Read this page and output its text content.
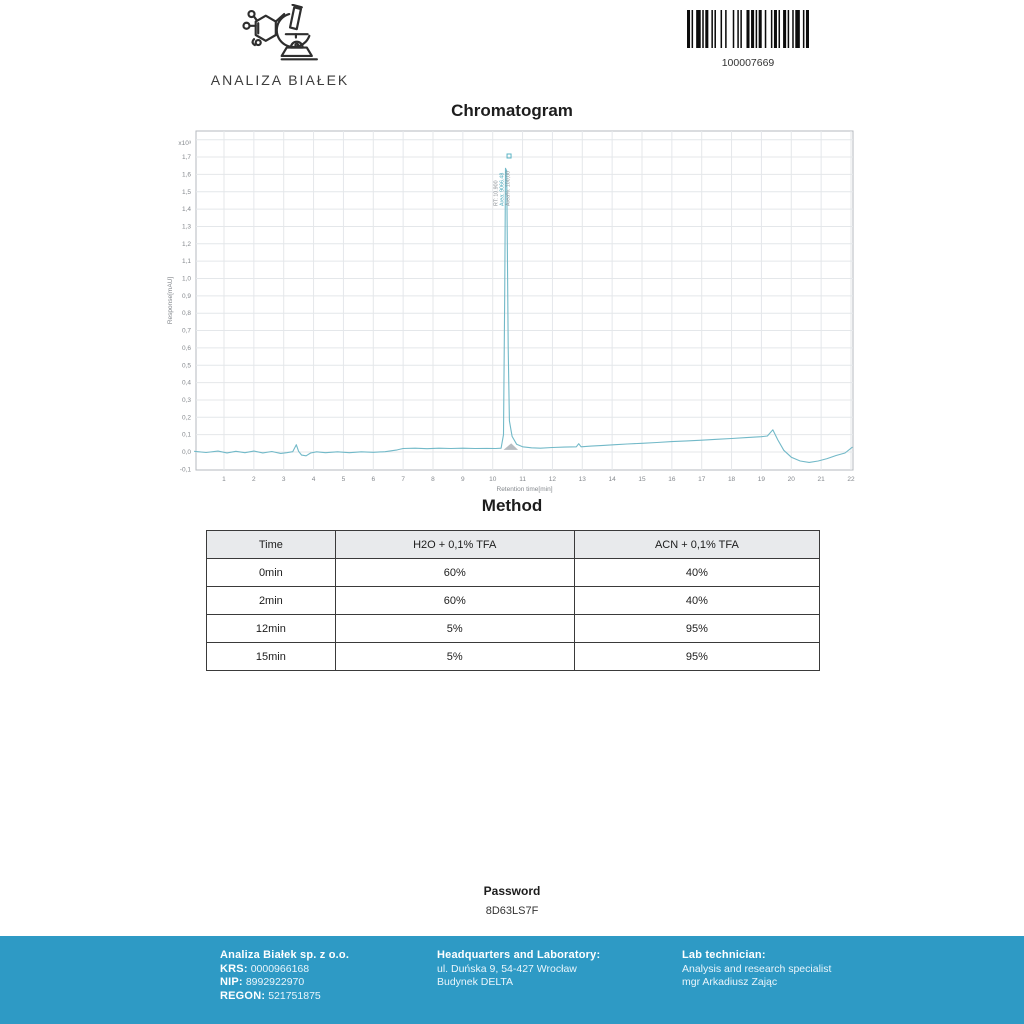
ANALIZA BIAŁEK
100007669
Chromatogram
-0,1
0,0
0,1
0,2
0,3
0,4
0,5
0,6
0,7
0,8
0,9
1,0
1,1
1,2
1,3
1,4
1,5
1,6
1,7
x10³
1	2	3	4	5	6	7	8	9	10	11	12	13	14	15	16	17	18	19	20	21	22
Retention time[min]
Response[mAU]
RT: 10.900 Area: 9066.48 Area%: 100,00
Method
Time	H2O + 0,1% TFA	ACN + 0,1% TFA
0min	60%	40%
2min	60%	40%
12min	5%	95%
15min	5%	95%
Password
8D63LS7F
Analiza Białek sp. z o.o.
KRS: 0000966168
NIP: 8992922970
REGON: 521751875
Headquarters and Laboratory:
ul. Duńska 9, 54-427 Wrocław
Budynek DELTA
Lab technician:
Analysis and research specialist
mgr Arkadiusz Zając
